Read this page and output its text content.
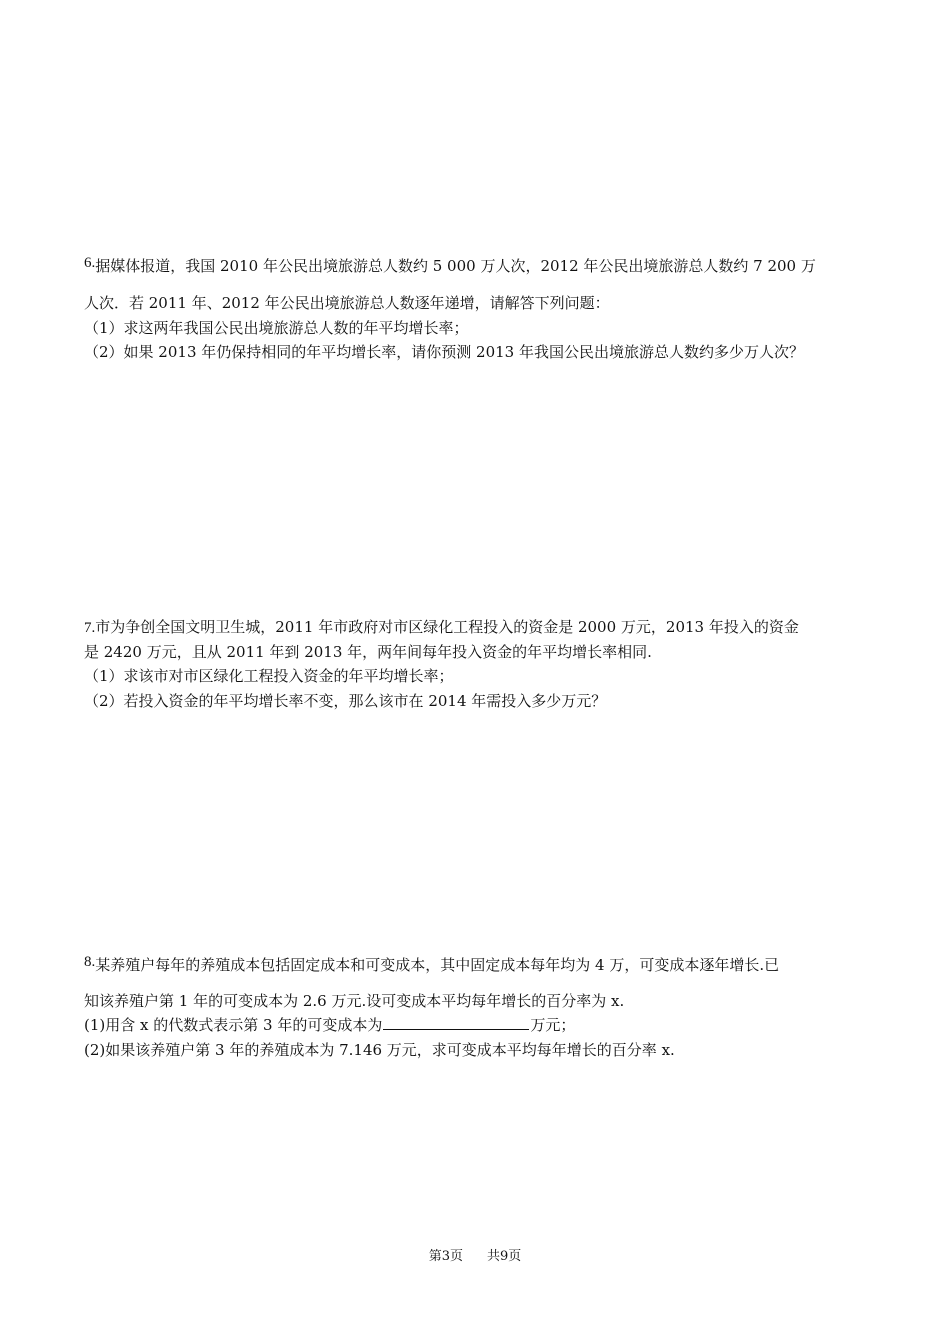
6.据媒体报道，我国 2010 年公民出境旅游总人数约 5 000 万人次，2012 年公民出境旅游总人数约 7 200 万
人次．若 2011 年、2012 年公民出境旅游总人数逐年递增，请解答下列问题：
（1）求这两年我国公民出境旅游总人数的年平均增长率；
（2）如果 2013 年仍保持相同的年平均增长率，请你预测 2013 年我国公民出境旅游总人数约多少万人次？
7.市为争创全国文明卫生城，2011 年市政府对市区绿化工程投入的资金是 2000 万元，2013 年投入的资金
是 2420 万元，且从 2011 年到 2013 年，两年间每年投入资金的年平均增长率相同.
（1）求该市对市区绿化工程投入资金的年平均增长率；
（2）若投入资金的年平均增长率不变，那么该市在 2014 年需投入多少万元？
8.某养殖户每年的养殖成本包括固定成本和可变成本，其中固定成本每年均为 4 万，可变成本逐年增长.已
知该养殖户第 1 年的可变成本为 2.6 万元.设可变成本平均每年增长的百分率为 x.
(1)用含 x 的代数式表示第 3 年的可变成本为	万元；
(2)如果该养殖户第 3 年的养殖成本为 7.146 万元，求可变成本平均每年增长的百分率 x.
第3页 共9页
